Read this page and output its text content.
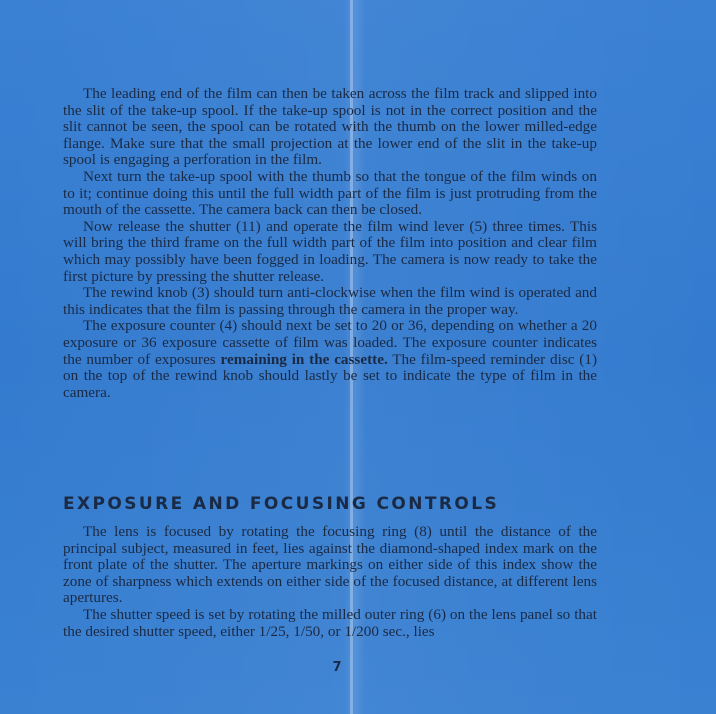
The leading end of the film can then be taken across the film track and slipped into the slit of the take-up spool. If the take-up spool is not in the correct position and the slit cannot be seen, the spool can be rotated with the thumb on the lower milled-edge flange. Make sure that the small projection at the lower end of the slit in the take-up spool is engaging a perforation in the film.

Next turn the take-up spool with the thumb so that the tongue of the film winds on to it; continue doing this until the full width part of the film is just protruding from the mouth of the cassette. The camera back can then be closed.

Now release the shutter (11) and operate the film wind lever (5) three times. This will bring the third frame on the full width part of the film into position and clear film which may possibly have been fogged in loading. The camera is now ready to take the first picture by pressing the shutter release.

The rewind knob (3) should turn anti-clockwise when the film wind is operated and this indicates that the film is passing through the camera in the proper way.

The exposure counter (4) should next be set to 20 or 36, depending on whether a 20 exposure or 36 exposure cassette of film was loaded. The exposure counter indicates the number of exposures remaining in the cassette. The film-speed reminder disc (1) on the top of the rewind knob should lastly be set to indicate the type of film in the camera.

EXPOSURE AND FOCUSING CONTROLS

The lens is focused by rotating the focusing ring (8) until the distance of the principal subject, measured in feet, lies against the diamond-shaped index mark on the front plate of the shutter. The aperture markings on either side of this index show the zone of sharpness which extends on either side of the focused distance, at different lens apertures.

The shutter speed is set by rotating the milled outer ring (6) on the lens panel so that the desired shutter speed, either 1/25, 1/50, or 1/200 sec., lies

7
